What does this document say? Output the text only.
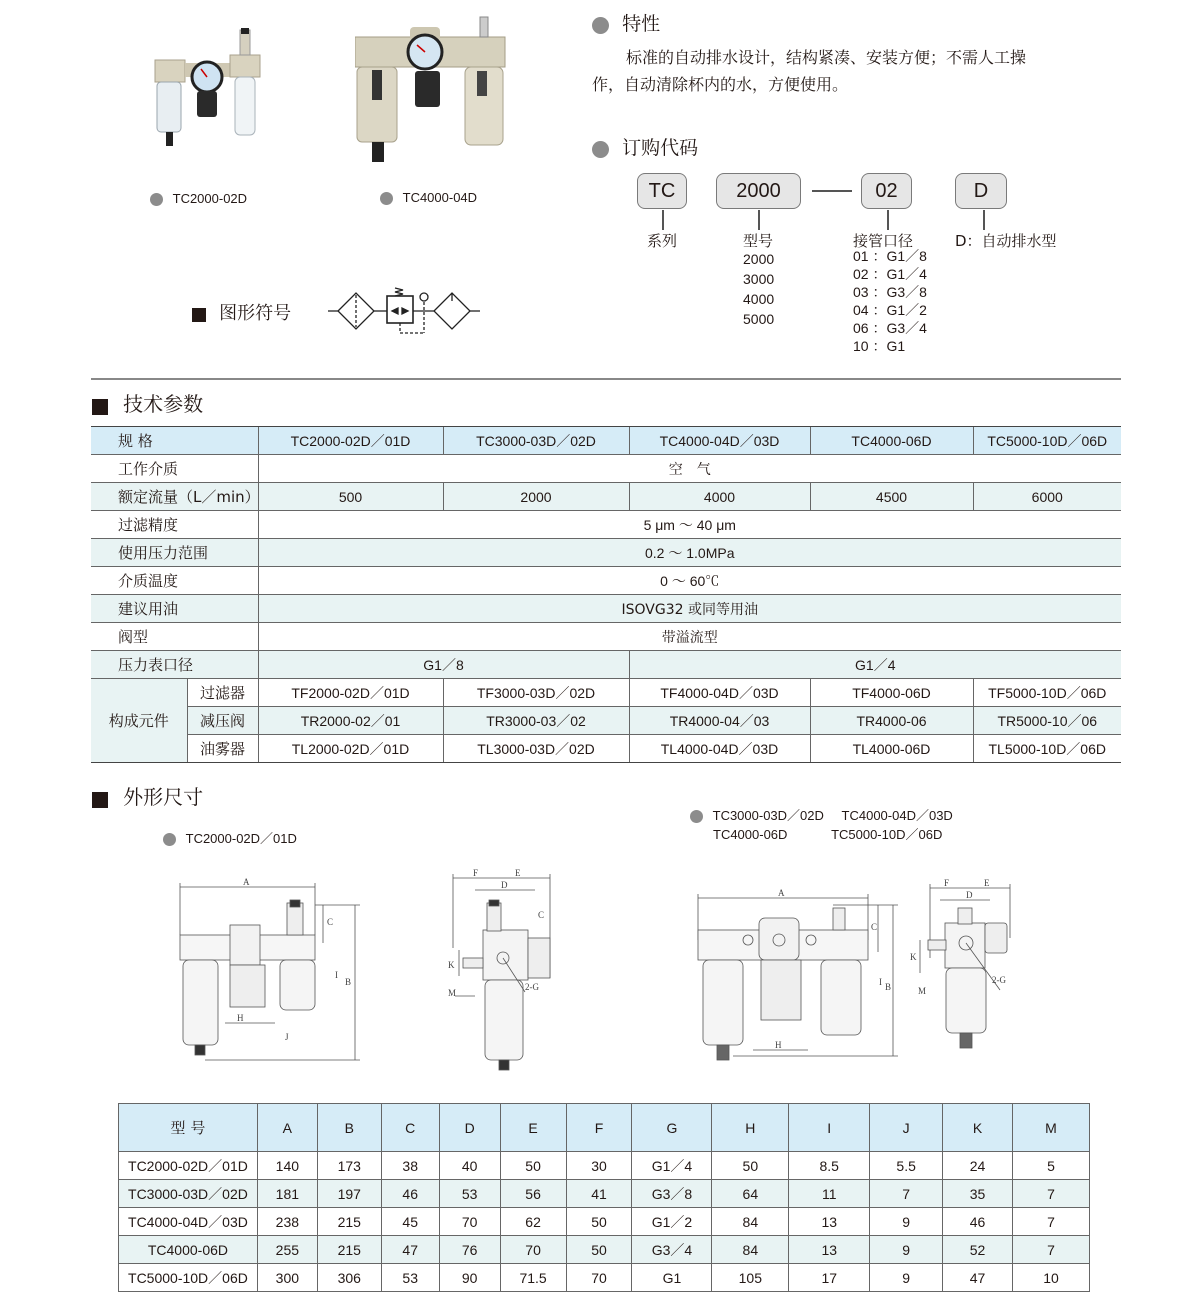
TC2000-02D	TC4000-04D
特性
标准的自动排水设计，结构紧凑、安装方便；不需人工操
作，自动清除杯内的水，方便使用。
订购代码
TC	2000	02	D
系列	型号
2000
3000
4000
5000
接管口径
01 ：G1／8
02 ：G1／4
03 ：G3／8
04 ：G1／2
06 ：G3／4
10 ：G1
D：自动排水型
图形符号
技术参数
规 格		TC2000-02D／01D	TC3000-03D／02D	TC4000-04D／03D	TC4000-06D	TC5000-10D／06D
工作介质		空　气				
额定流量（L／min）		500	2000	4000	4500	6000
过滤精度		5 μm ～ 40 μm				
使用压力范围		0.2 ～ 1.0MPa				
介质温度		0 ～ 60℃				
建议用油		ISOVG32 或同等用油				
阀型		带溢流型				
压力表口径		G1／8		G1／4		
构成元件	过滤器	TF2000-02D／01D	TF3000-03D／02D	TF4000-04D／03D	TF4000-06D	TF5000-10D／06D
	减压阀	TR2000-02／01	TR3000-03／02	TR4000-04／03	TR4000-06	TR5000-10／06
	油雾器	TL2000-02D／01D	TL3000-03D／02D	TL4000-04D／03D	TL4000-06D	TL5000-10D／06D
外形尺寸
TC2000-02D／01D
TC3000-03D／02D TC4000-04D／03D
TC4000-06D	TC5000-10D／06D
A
B
C
H
I
J
F	E
D
C
K
M
2-G
A
B
C
H
I
F	E
D
K
M
2-G
型 号	A	B	C	D	E	F	G	H	I	J	K	M
TC2000-02D／01D	140	173	38	40	50	30	G1／4	50	8.5	5.5	24	5
TC3000-03D／02D	181	197	46	53	56	41	G3／8	64	11	7	35	7
TC4000-04D／03D	238	215	45	70	62	50	G1／2	84	13	9	46	7
TC4000-06D	255	215	47	76	70	50	G3／4	84	13	9	52	7
TC5000-10D／06D	300	306	53	90	71.5	70	G1	105	17	9	47	10
